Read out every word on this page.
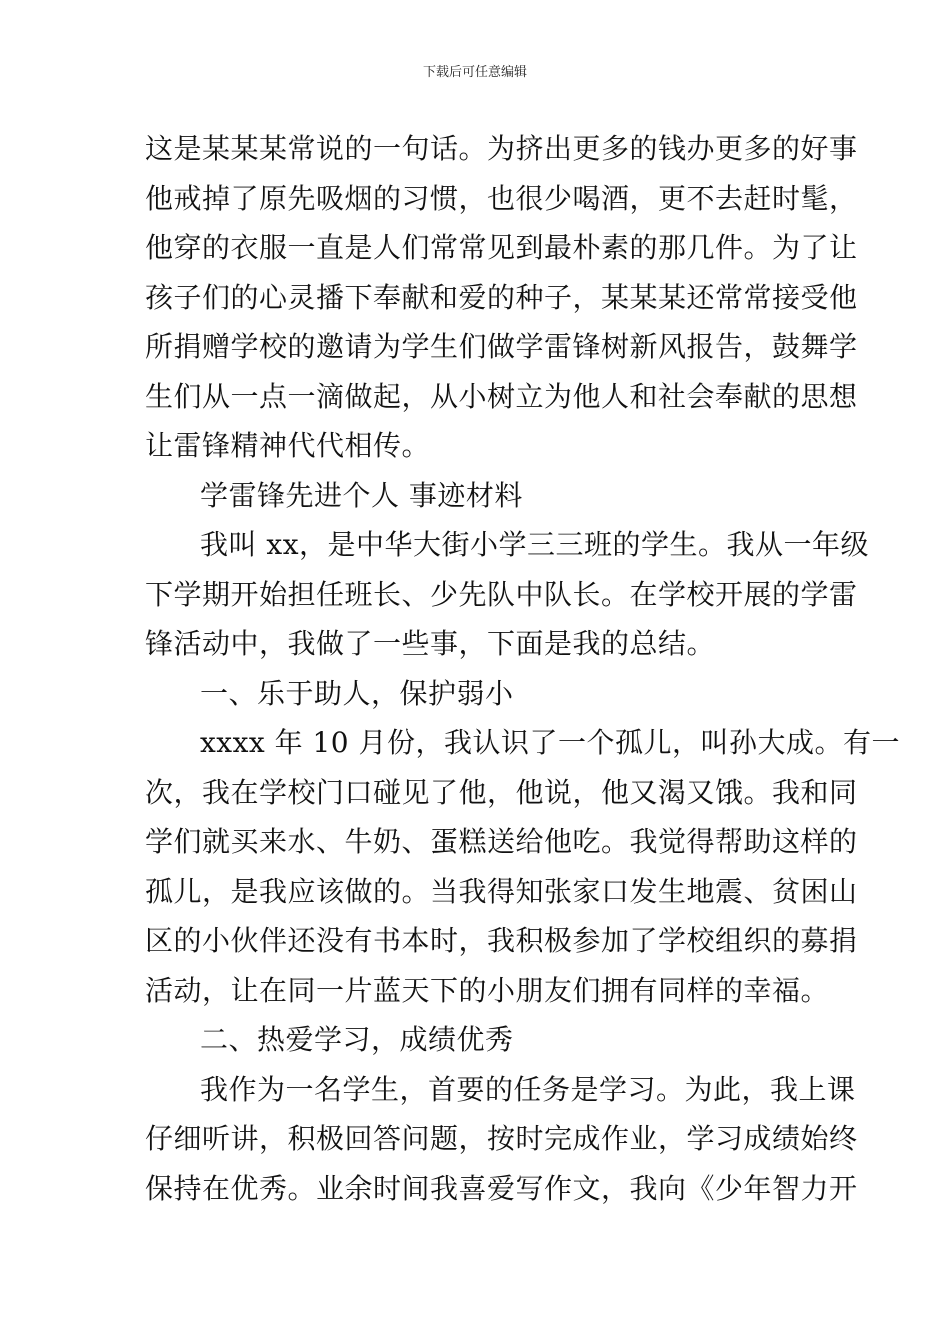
下载后可任意编辑
这是某某某常说的一句话。为挤出更多的钱办更多的好事
他戒掉了原先吸烟的习惯，也很少喝酒，更不去赶时髦，
他穿的衣服一直是人们常常见到最朴素的那几件。为了让
孩子们的心灵播下奉献和爱的种子，某某某还常常接受他
所捐赠学校的邀请为学生们做学雷锋树新风报告，鼓舞学
生们从一点一滴做起，从小树立为他人和社会奉献的思想
让雷锋精神代代相传。
学雷锋先进个人 事迹材料
我叫 xx，是中华大街小学三三班的学生。我从一年级
下学期开始担任班长、少先队中队长。在学校开展的学雷
锋活动中，我做了一些事，下面是我的总结。
一、乐于助人，保护弱小
xxxx 年 10 月份，我认识了一个孤儿，叫孙大成。有一
次，我在学校门口碰见了他，他说，他又渴又饿。我和同
学们就买来水、牛奶、蛋糕送给他吃。我觉得帮助这样的
孤儿，是我应该做的。当我得知张家口发生地震、贫困山
区的小伙伴还没有书本时，我积极参加了学校组织的募捐
活动，让在同一片蓝天下的小朋友们拥有同样的幸福。
二、热爱学习，成绩优秀
我作为一名学生，首要的任务是学习。为此，我上课
仔细听讲，积极回答问题，按时完成作业，学习成绩始终
保持在优秀。业余时间我喜爱写作文，我向《少年智力开
